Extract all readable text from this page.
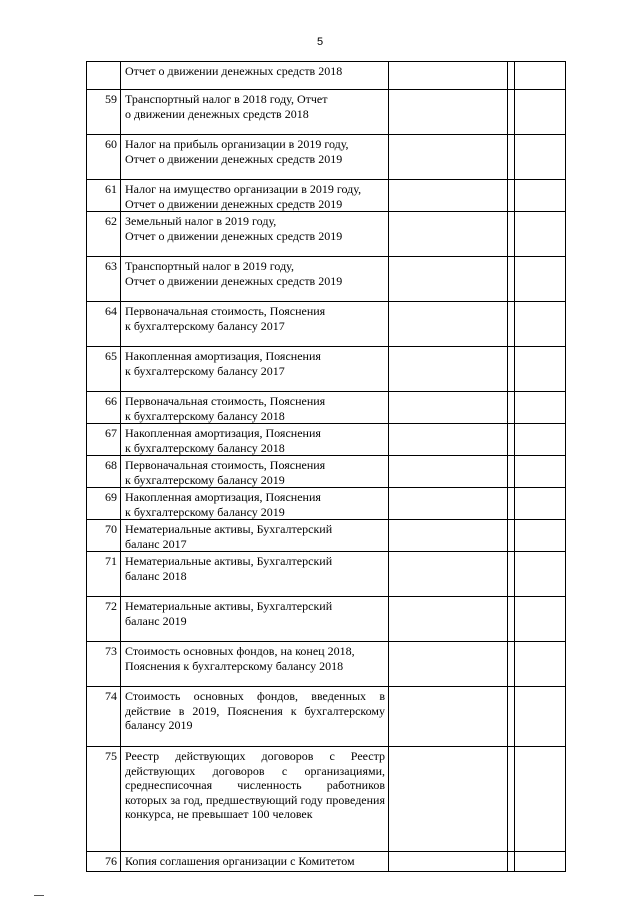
5

	Отчет о движении денежных средств 2018			

59	Транспортный налог в 2018 году, Отчет
о движении денежных средств 2018			

60	Налог на прибыль организации в 2019 году,
Отчет о движении денежных средств 2019			

61	Налог на имущество организации в 2019 году,
Отчет о движении денежных средств 2019			

62	Земельный налог в 2019 году,
Отчет о движении денежных средств 2019			

63	Транспортный налог в 2019 году,
Отчет о движении денежных средств 2019			

64	Первоначальная стоимость, Пояснения
к бухгалтерскому балансу 2017			

65	Накопленная амортизация, Пояснения
к бухгалтерскому балансу 2017			

66	Первоначальная стоимость, Пояснения
к бухгалтерскому балансу 2018			

67	Накопленная амортизация, Пояснения
к бухгалтерскому балансу 2018			

68	Первоначальная стоимость, Пояснения
к бухгалтерскому балансу 2019			

69	Накопленная амортизация, Пояснения
к бухгалтерскому балансу 2019			

70	Нематериальные активы, Бухгалтерский
баланс 2017			

71	Нематериальные активы, Бухгалтерский
баланс 2018			

72	Нематериальные активы, Бухгалтерский
баланс 2019			

73	Стоимость основных фондов, на конец 2018,
Пояснения к бухгалтерскому балансу 2018			

74	Стоимость основных фондов, введенных в действие в 2019, Пояснения к бухгалтерскому балансу 2019			

75	Реестр действующих договоров с Реестр действующих договоров с организациями, среднесписочная численность работников которых за год, предшествующий году проведения конкурса, не превышает 100 человек			

76	Копия соглашения организации с Комитетом			
